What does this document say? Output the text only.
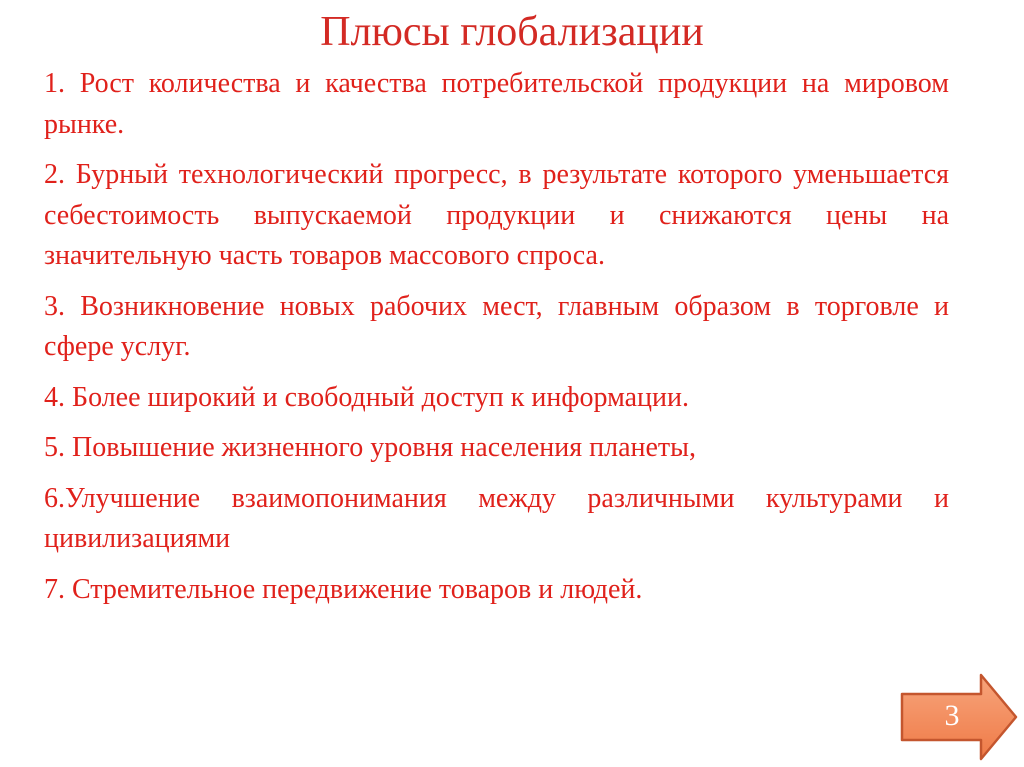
Плюсы глобализации
1. Рост количества и качества потребительской продукции на мировом рынке.
2. Бурный технологический прогресс, в результате которого уменьшается себестоимость выпускаемой продукции и снижаются цены на значительную часть товаров массового спроса.
3. Возникновение новых рабочих мест, главным образом в торговле и сфере услуг.
4. Более широкий и свободный доступ к информации.
5. Повышение жизненного уровня населения планеты,
6.Улучшение взаимопонимания между различными культурами и цивилизациями
7. Стремительное передвижение товаров и людей.
3
